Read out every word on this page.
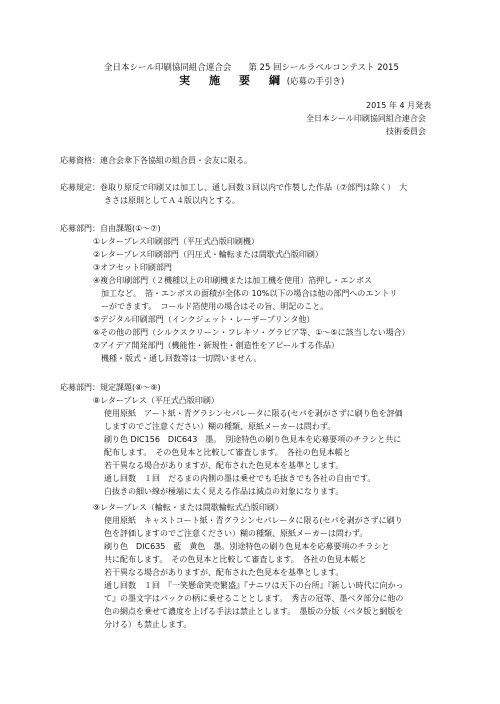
全日本シール印刷協同組合連合会　　第 25 回シールラベルコンテスト 2015
実　施　要　綱 (応募の手引き)
2015 年 4 月発表
全日本シール印刷協同組合連合会
技術委員会
応募資格：連合会傘下各協組の組合員・会友に限る。
応募規定：巻取り原反で印刷又は加工し、通し回数３回以内で作製した作品（⑦部門は除く）　大
きさは原則としてＡ４版以内とする。
応募部門：自由課題(①～⑦)
①レタープレス印刷部門（平圧式凸版印刷機）
②レタープレス印刷部門（円圧式・輪転または間歇式凸版印刷）
③オフセット印刷部門
④複合印刷部門（２機種以上の印刷機または加工機を使用）箔押し・エンボス
　加工など。　箔・エンボスの面積が全体の 10%以下の場合は他の部門へのエントリ
　ーができます。　コールド箔使用の場合はその旨、明記のこと。
⑤デジタル印刷部門（インクジェット・レーザープリンタ他）
⑥その他の部門（シルクスクリーン・フレキソ・グラビア等、①～⑤に該当しない場合）
⑦アイデア開発部門（機能性・新規性・創造性をアピールする作品）
　機種・版式・通し回数等は一切問いません。
応募部門：規定課題(⑧～⑨)
⑧レタープレス（平圧式凸版印刷）
使用原紙　アート紙・青グラシンセパレータに限る(セパを剥がさずに刷り色を評価
しますのでご注意ください）糊の種類、原紙メーカーは問わず。
刷り色 DIC156　DIC643　墨。　別途特色の刷り色見本を応募要項のチラシと共に
配布します。　その色見本と比較して審査します。　各社の色見本帳と
若干異なる場合がありますが、配布された色見本を基準とします。
通し回数　１回　だるまの内側の墨は乗せでも毛抜きでも各社の自由です。
白抜きの細い線が極端に太く見える作品は減点の対象になります。
⑨レタープレス（輪転・または間歇輪転式凸版印刷）
使用原紙　キャストコート紙・青グラシンセパレータに限る(セパを剥がさずに刷り
色を評価しますのでご注意ください）糊の種類、原紙メーカーは問わず。
刷り色　DIC635　藍　黄色　墨。別途特色の刷り色見本を応募要項のチラシと
共に配布します。　その色見本と比較して審査します。　各社の色見本帳と
若干異なる場合がありますが、配布された色見本を基準とします。
通し回数　１回　『一笑懸命笑売繁盛』『ナニワは天下の台所』『新しい時代に向かっ
て』の墨文字はパックの柄に乗せることとします。　秀吉の冠等、墨ベタ部分に他の
色の網点を乗せて濃度を上げる手法は禁止とします。　墨版の分版（ベタ版と網版を
分ける）も禁止します。
